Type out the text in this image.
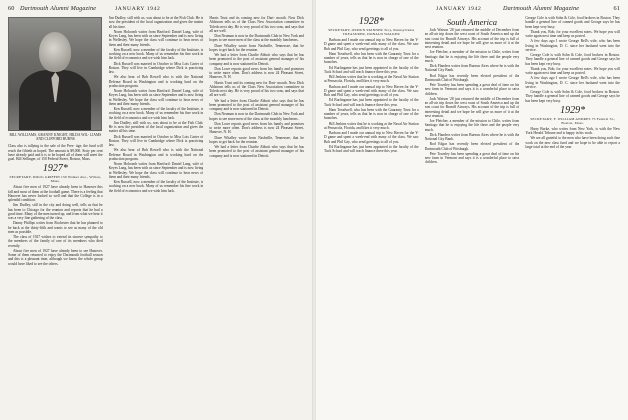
60 Dartmouth Alumni Magazine	JANUARY 1942
BILL WILLIAMS, GRANNY KNIGHT, HILDA WIL- LIAMS AND CLIFFORD BURNS

Class also is tallying to the sale of the Pres- tige, the fund will reach the fiftieth as hoped. The amount is $9,000. Sixty per cent have already paid and it is to be hoped all of them will meet the goal. Bill Sellinger, of 150 Federal Street, Boston, Mass.

1927*
SECRETARY, DOUG GRIFFIN 150 Walker Ave., Wilton, Mass.

About five men of 1927 have already been to Hanover this fall and most of them at the football game. There is a feeling that Hanover has never looked so well and that the College is in a splendid condition.

Jim Dudley, still in the city and doing well, tells us that he has been to Chicago for the reunion and reports that he had a good time. Many of the men turned up, and from what we hear it was a very fine gathering of the class.

Danny Phillips writes from Rochester that he has planned to be back at the thirty-fifth and wants to see as many of the old men as possible.

The class of 1927 wishes to extend its sincere sympathy to the members of the family of one of its members who died recently.

About five men of 1927 have already been to see Hanover. Some of them returned to enjoy the Dartmouth football season and this is a pleasant time, although we know the whole group would have liked to see the others.

Jim Dudley, still with us, was about to be at the Fish Club. He is now the president of the local organization and gives the matter all his time.

Norm Holcomb writes from Hartford: Daniel Lang, wife of Keyes Lang, has been with us since September and is now living in Wellesley. We hope the class will continue to hear news of them and their many friends.

Ken Russell, now a member of the faculty of the Institute, is working on a new book. Many of us remember his fine work in the field of economics and we wish him luck.

Dick Russell was married in October to Miss Lois Carter of Boston. They will live in Cambridge where Dick is practicing law.

We also hear of Bob Rowell who is with the National Defense Board in Washington and is working hard on the production program.

Norm Holcomb writes from Hartford: Daniel Lang, wife of Keyes Lang, has been with us since September and is now living in Wellesley. We hope the class will continue to hear news of them and their many friends.

Ken Russell, now a member of the faculty of the Institute, is working on a new book. Many of us remember his fine work in the field of economics and we wish him luck.

Jim Dudley, still with us, was about to be at the Fish Club. He is now the president of the local organization and gives the matter all his time.

Dick Russell was married in October to Miss Lois Carter of Boston. They will live in Cambridge where Dick is practicing law.

We also hear of Bob Rowell who is with the National Defense Board in Washington and is working hard on the production program.

Norm Holcomb writes from Hartford: Daniel Lang, wife of Keyes Lang, has been with us since September and is now living in Wellesley. We hope the class will continue to hear news of them and their many friends.

Ken Russell, now a member of the faculty of the Institute, is working on a new book. Many of us remember his fine work in the field of economics and we wish him luck.

Harris Trust and its coming new for Dart- mouth. Now Dick Ahlstrom tells us of the Class New Association committee in Toledo next day. He is very proud of his two sons, and says that all are well.

Don Neuman is now in the Dartmouth Club in New York and hopes to see more men of the class at the monthly luncheons.

Dave Whalley wrote from Nashville, Tennessee, that he hopes to get back for the reunion.

We had a letter from Charlie Abbott who says that he has been promoted to the post of assistant general manager of his company and is now stationed in Detroit.

Don Lowe reports good news from his family and promises to write more often. Don's address is now 24 Pleasant Street, Hanover, N. H.

Harris Trust and its coming new for Dart- mouth. Now Dick Ahlstrom tells us of the Class New Association committee in Toledo next day. He is very proud of his two sons, and says that all are well.

We had a letter from Charlie Abbott who says that he has been promoted to the post of assistant general manager of his company and is now stationed in Detroit.

Don Neuman is now in the Dartmouth Club in New York and hopes to see more men of the class at the monthly luncheons.

Don Lowe reports good news from his family and promises to write more often. Don's address is now 24 Pleasant Street, Hanover, N. H.

Dave Whalley wrote from Nashville, Tennessee, that he hopes to get back for the reunion.

We had a letter from Charlie Abbott who says that he has been promoted to the post of assistant general manager of his company and is now stationed in Detroit.

JANUARY 1942	Dartmouth Alumni Magazine	61
1928*
SECRETARY, OSMUN SKINNER Troy, Pennsylvania TREASURER, DONALD WALKER

Barbara and I made our annual trip to New Haven for the Y-D game and spent a week-end with many of the class. We saw Bob and Phil Gay, who send greetings to all of you.

Ham Treadwell, who has been with the Guaranty Trust for a number of years, tells us that he is now in charge of one of the branches.

Ed Burlingame has just been appointed to the faculty of the Tuck School and will teach finance there this year.

Bill Jenkins writes that he is working at the Naval Air Station at Pensacola, Florida, and likes it very much.

Barbara and I made our annual trip to New Haven for the Y-D game and spent a week-end with many of the class. We saw Bob and Phil Gay, who send greetings to all of you.

Ed Burlingame has just been appointed to the faculty of the Tuck School and will teach finance there this year.

Ham Treadwell, who has been with the Guaranty Trust for a number of years, tells us that he is now in charge of one of the branches.

Bill Jenkins writes that he is working at the Naval Air Station at Pensacola, Florida, and likes it very much.

Barbara and I made our annual trip to New Haven for the Y-D game and spent a week-end with many of the class. We saw Bob and Phil Gay, who send greetings to all of you.

Ed Burlingame has just been appointed to the faculty of the Tuck School and will teach finance there this year.

South America

Jack Watson '28 just returned the middle of December from an all-air trip down the west coast of South America and up the east coast for Braniff Airways. His account of the trip is full of interesting detail and we hope he will give us more of it at the next reunion.

Joe Fletcher, a member of the mission to Chile, writes from Santiago that he is enjoying the life there and the people very much.

Dick Flanders writes from Buenos Aires where he is with the National City Bank.

Rod Edgar has recently been elected president of the Dartmouth Club of Pittsburgh.

Pete Townley has been spending a great deal of time on his new farm in Vermont and says it is a wonderful place to raise children.

Jack Watson '28 just returned the middle of December from an all-air trip down the west coast of South America and up the east coast for Braniff Airways. His account of the trip is full of interesting detail and we hope he will give us more of it at the next reunion.

Joe Fletcher, a member of the mission to Chile, writes from Santiago that he is enjoying the life there and the people very much.

Dick Flanders writes from Buenos Aires where he is with the National City Bank.

Rod Edgar has recently been elected president of the Dartmouth Club of Pittsburgh.

Pete Townley has been spending a great deal of time on his new farm in Vermont and says it is a wonderful place to raise children.

George Cole is with Sohn & Cole, food brokers in Boston. They handle a general line of canned goods and George says he has been kept very busy.

Thank you, Bob, for your excellent notes. We hope you will write again next time and keep us posted.

A few days ago I wrote George Bell's wife, who has been living in Washington, D. C. since her husband went into the service.

George Cole is with Sohn & Cole, food brokers in Boston. They handle a general line of canned goods and George says he has been kept very busy.

Thank you, Bob, for your excellent notes. We hope you will write again next time and keep us posted.

A few days ago I wrote George Bell's wife, who has been living in Washington, D. C. since her husband went into the service.

George Cole is with Sohn & Cole, food brokers in Boston. They handle a general line of canned goods and George says he has been kept very busy.

1929*
SECRETARY, F. WILLIAM ANDRES 75 Federal St., Boston, Mass.

Harry Burke, who writes from New York, is with the New York Herald Tribune and is happy in his work.

We are all grateful to the men who have been doing such fine work on the new class fund and we hope to be able to report a large total at the end of the year.
